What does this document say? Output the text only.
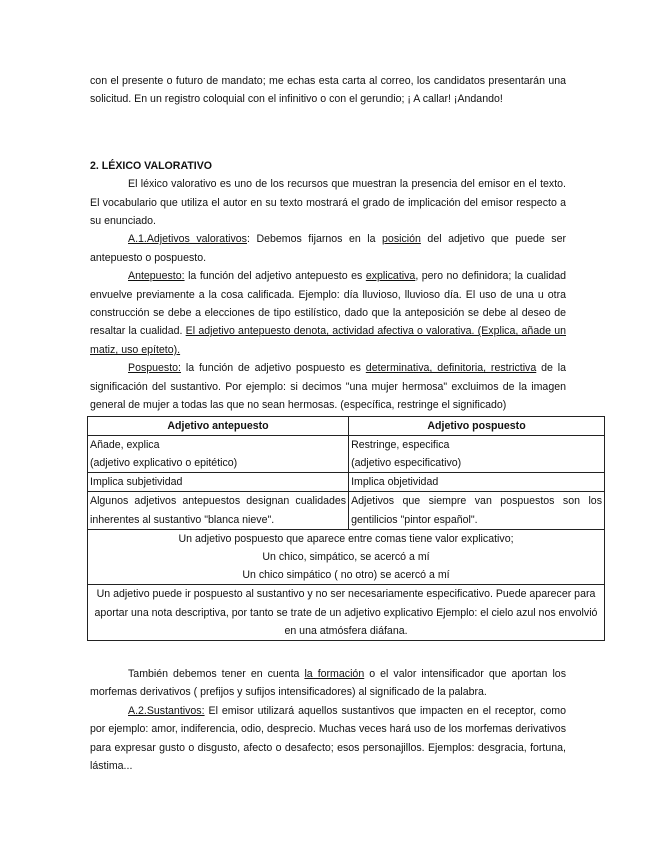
con el presente o futuro de mandato; me echas esta carta al correo, los candidatos presentarán una solicitud. En un registro coloquial con el infinitivo o con el gerundio; ¡ A callar! ¡Andando!

2. LÉXICO VALORATIVO

El léxico valorativo es uno de los recursos que muestran la presencia del emisor en el texto. El vocabulario que utiliza el autor en su texto mostrará el grado de implicación del emisor respecto a su enunciado.

A.1.Adjetivos valorativos: Debemos fijarnos en la posición del adjetivo que puede ser antepuesto o pospuesto.

Antepuesto: la función del adjetivo antepuesto es explicativa, pero no definidora; la cualidad envuelve previamente a la cosa calificada. Ejemplo: día lluvioso, lluvioso día. El uso de una u otra construcción se debe a elecciones de tipo estilístico, dado que la anteposición se debe al deseo de resaltar la cualidad. El adjetivo antepuesto denota, actividad afectiva o valorativa. (Explica, añade un matiz, uso epíteto).

Pospuesto: la función de adjetivo pospuesto es determinativa, definitoria, restrictiva de la significación del sustantivo. Por ejemplo: si decimos "una mujer hermosa" excluimos de la imagen general de mujer a todas las que no sean hermosas. (específica, restringe el significado)

Adjetivo antepuesto	Adjetivo pospuesto
Añade, explica	Restringe, especifica
(adjetivo explicativo o epitético)	(adjetivo especificativo)
Implica subjetividad	Implica objetividad
Algunos adjetivos antepuestos designan cualidades inherentes al sustantivo "blanca nieve".	Adjetivos que siempre van pospuestos son los gentilicios "pintor español".

Un adjetivo pospuesto que aparece entre comas tiene valor explicativo;
Un chico, simpático, se acercó a mí
Un chico simpático ( no otro) se acercó a mí	

Un adjetivo puede ir pospuesto al sustantivo y no ser necesariamente especificativo. Puede aparecer para aportar una nota descriptiva, por tanto se trate de un adjetivo explicativo Ejemplo: el cielo azul nos envolvió en una atmósfera diáfana.	

También debemos tener en cuenta la formación o el valor intensificador que aportan los morfemas derivativos ( prefijos y sufijos intensificadores) al significado de la palabra.

A.2.Sustantivos: El emisor utilizará aquellos sustantivos que impacten en el receptor, como por ejemplo: amor, indiferencia, odio, desprecio. Muchas veces hará uso de los morfemas derivativos para expresar gusto o disgusto, afecto o desafecto; esos personajillos. Ejemplos: desgracia, fortuna, lástima...
